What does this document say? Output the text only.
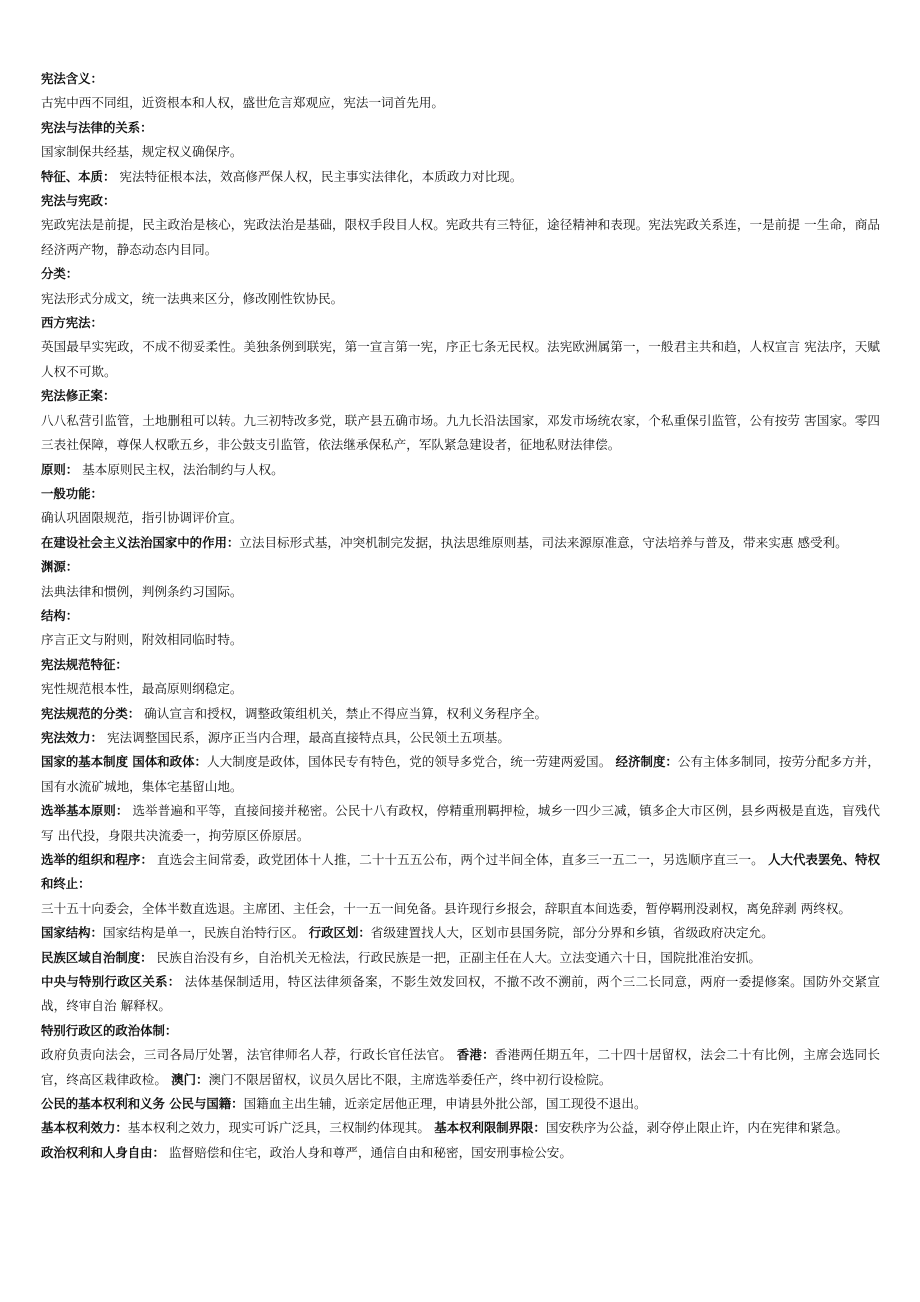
宪法含义：

古宪中西不同组，近资根本和人权，盛世危言郑观应，宪法一词首先用。

宪法与法律的关系：

国家制保共经基，规定权义确保序。

特征、本质： 宪法特征根本法，效高修严保人权，民主事实法律化，本质政力对比现。

宪法与宪政：

宪政宪法是前提，民主政治是核心，宪政法治是基础，限权手段目人权。宪政共有三特征，途径精神和表现。宪法宪政关系连，一是前提 一生命，商品经济两产物，静态动态内目同。

分类：

宪法形式分成文，统一法典来区分，修改刚性钦协民。

西方宪法：

英国最早实宪政，不成不彻妥柔性。美独条例到联宪，第一宣言第一宪，序正七条无民权。法宪欧洲属第一，一般君主共和趋，人权宣言 宪法序，天赋人权不可欺。

宪法修正案：

八八私营引监管，土地删租可以转。九三初特改多党，联产县五确市场。九九长沿法国家，邓发市场统农家，个私重保引监管，公有按劳 害国家。零四三表社保障，尊保人权歌五乡，非公鼓支引监管，依法继承保私产，军队紧急建设者，征地私财法律偿。

原则： 基本原则民主权，法治制约与人权。

一般功能：

确认巩固限规范，指引协调评价宣。

在建设社会主义法治国家中的作用：立法目标形式基，冲突机制完发据，执法思维原则基，司法来源原准意，守法培养与普及，带来实惠 感受利。

渊源：

法典法律和惯例，判例条约习国际。

结构：

序言正文与附则，附效相同临时特。

宪法规范特征：

宪性规范根本性，最高原则纲稳定。

宪法规范的分类： 确认宣言和授权，调整政策组机关，禁止不得应当算，权利义务程序全。

宪法效力： 宪法调整国民系，源序正当内合理，最高直接特点具，公民领土五项基。

国家的基本制度 国体和政体：人大制度是政体，国体民专有特色，党的领导多党合，统一劳建两爱国。 经济制度：公有主体多制同，按劳分配多方并，国有水流矿城地，集体宅基留山地。

选举基本原则： 选举普遍和平等，直接间接并秘密。公民十八有政权，停精重刑羁押检，城乡一四少三减，镇多企大市区例，县乡两极是直选，盲残代写 出代投，身限共决流委一，拘劳原区侨原居。

选举的组织和程序： 直选会主间常委，政党团体十人推，二十十五五公布，两个过半间全体，直多三一五二一，另选顺序直三一。 人大代表罢免、特权和终止：

三十五十向委会，全体半数直选退。主席团、主任会，十一五一间免备。县许现行乡报会，辞职直本间选委，暂停羁刑没剥权，离免辞剥 两终权。

国家结构：国家结构是单一，民族自治特行区。 行政区划：省级建置找人大，区划市县国务院，部分分界和乡镇，省级政府决定允。

民族区域自治制度： 民族自治没有乡，自治机关无检法，行政民族是一把，正副主任在人大。立法变通六十日，国院批准治安抓。

中央与特别行政区关系： 法体基保制适用，特区法律须备案，不影生效发回权，不撤不改不溯前，两个三二长同意，两府一委提修案。国防外交紧宣战，终审自治 解释权。

特别行政区的政治体制：

政府负责向法会，三司各局厅处署，法官律师名人荐，行政长官任法官。 香港：香港两任期五年，二十四十居留权，法会二十有比例，主席会选同长官，终高区栽律政检。 澳门：澳门不限居留权，议员久居比不限，主席选举委任产，终中初行设检院。

公民的基本权利和义务 公民与国籍：国籍血主出生辅，近亲定居他正理，申请县外批公部，国工现役不退出。

基本权利效力：基本权利之效力，现实可诉广泛具，三权制约体现其。 基本权利限制界限：国安秩序为公益，剥夺停止限止许，内在宪律和紧急。

政治权利和人身自由： 监督赔偿和住宅，政治人身和尊严，通信自由和秘密，国安刑事检公安。
